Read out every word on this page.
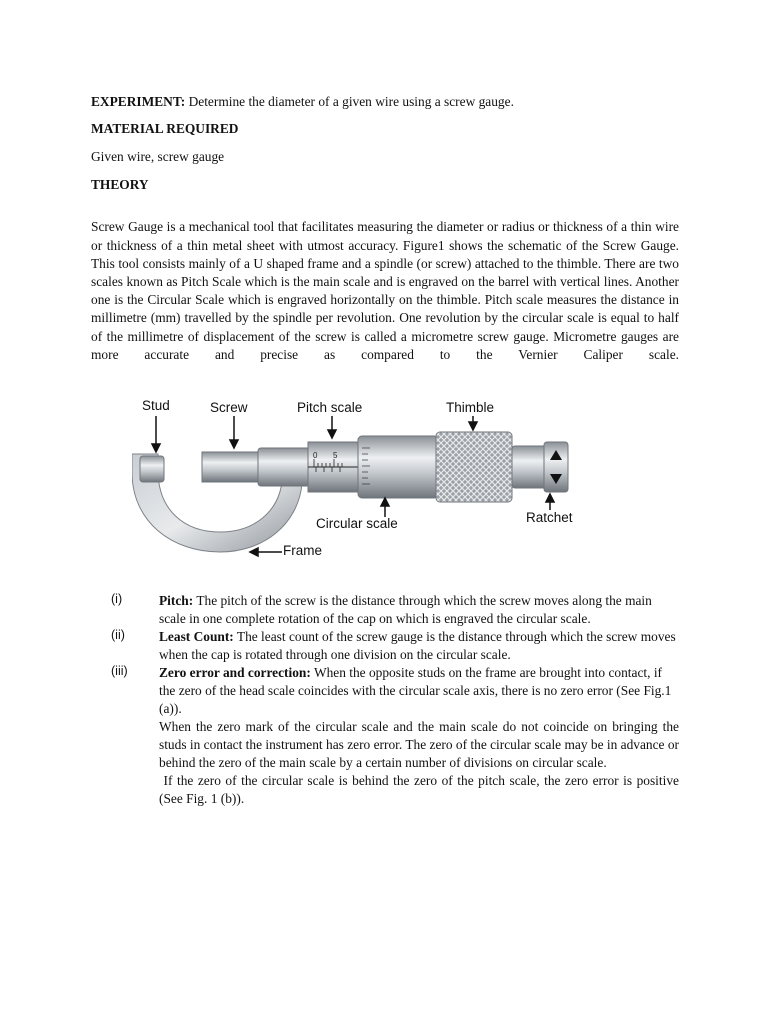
EXPERIMENT: Determine the diameter of a given wire using a screw gauge.

MATERIAL REQUIRED

Given wire, screw gauge

THEORY

Screw Gauge is a mechanical tool that facilitates measuring the diameter or radius or thickness of a thin wire or thickness of a thin metal sheet with utmost accuracy. Figure1 shows the schematic of the Screw Gauge. This tool consists mainly of a U shaped frame and a spindle (or screw) attached to the thimble. There are two scales known as Pitch Scale which is the main scale and is engraved on the barrel with vertical lines. Another one is the Circular Scale which is engraved horizontally on the thimble. Pitch scale measures the distance in millimetre (mm) travelled by the spindle per revolution. One revolution by the circular scale is equal to half of the millimetre of displacement of the screw is called a micrometre screw gauge. Micrometre gauges are more accurate and precise as compared to the Vernier Caliper scale.

0 5
Stud	Screw	Pitch scale	Thimble
Circular scale	Ratchet
Frame
(i)	Pitch: The pitch of the screw is the distance through which the screw moves along the main scale in one complete rotation of the cap on which is engraved the circular scale.

(ii)	Least Count: The least count of the screw gauge is the distance through which the screw moves when the cap is rotated through one division on the circular scale.

(iii) Zero error and correction: When the opposite studs on the frame are brought into contact, if the zero of the head scale coincides with the circular scale axis, there is no zero error (See Fig.1 (a)).

When the zero mark of the circular scale and the main scale do not coincide on bringing the studs in contact the instrument has zero error. The zero of the circular scale may be in advance or behind the zero of the main scale by a certain number of divisions on circular scale.

If the zero of the circular scale is behind the zero of the pitch scale, the zero error is positive (See Fig. 1 (b)).
